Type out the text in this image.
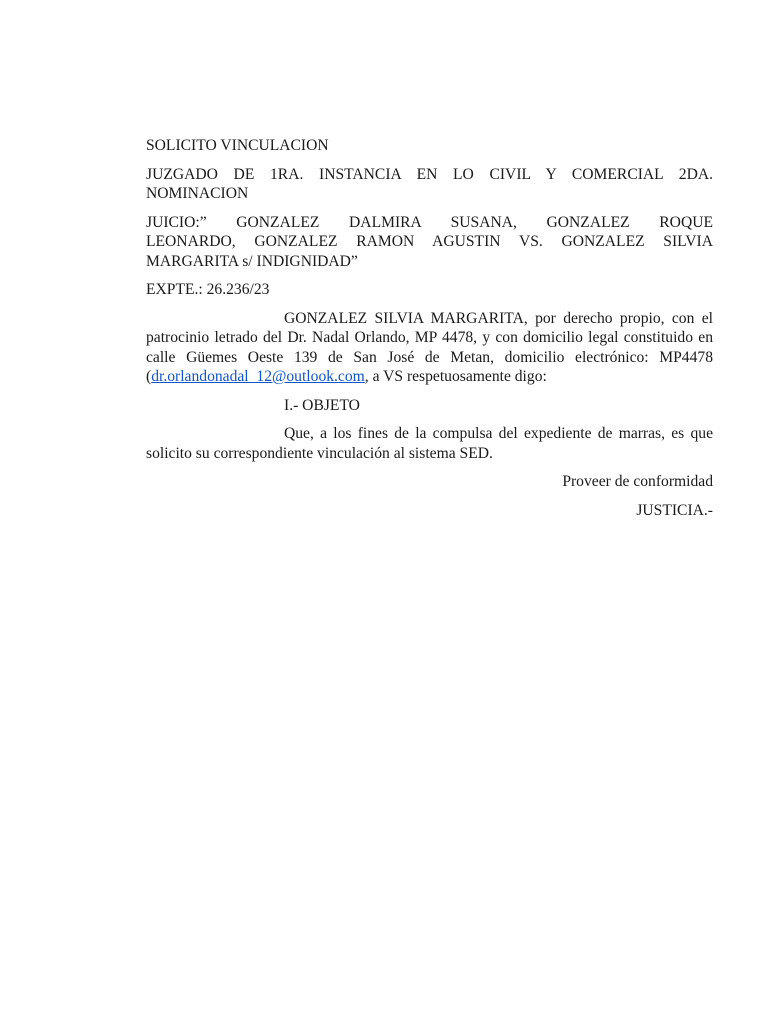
SOLICITO VINCULACION

JUZGADO DE 1RA. INSTANCIA EN LO CIVIL Y COMERCIAL 2DA.
NOMINACION
JUICIO:” GONZALEZ DALMIRA SUSANA, GONZALEZ ROQUE
LEONARDO, GONZALEZ RAMON AGUSTIN VS. GONZALEZ SILVIA
MARGARITA s/ INDIGNIDAD”

EXPTE.: 26.236/23

GONZALEZ SILVIA MARGARITA, por derecho propio, con el patrocinio letrado del Dr. Nadal Orlando, MP 4478, y con domicilio legal constituido en calle Güemes Oeste 139 de San José de Metan, domicilio electrónico: MP4478 (dr.orlandonadal_12@outlook.com, a VS respetuosamente digo:

I.- OBJETO

Que, a los fines de la compulsa del expediente de marras, es que solicito su correspondiente vinculación al sistema SED.

Proveer de conformidad

JUSTICIA.-
